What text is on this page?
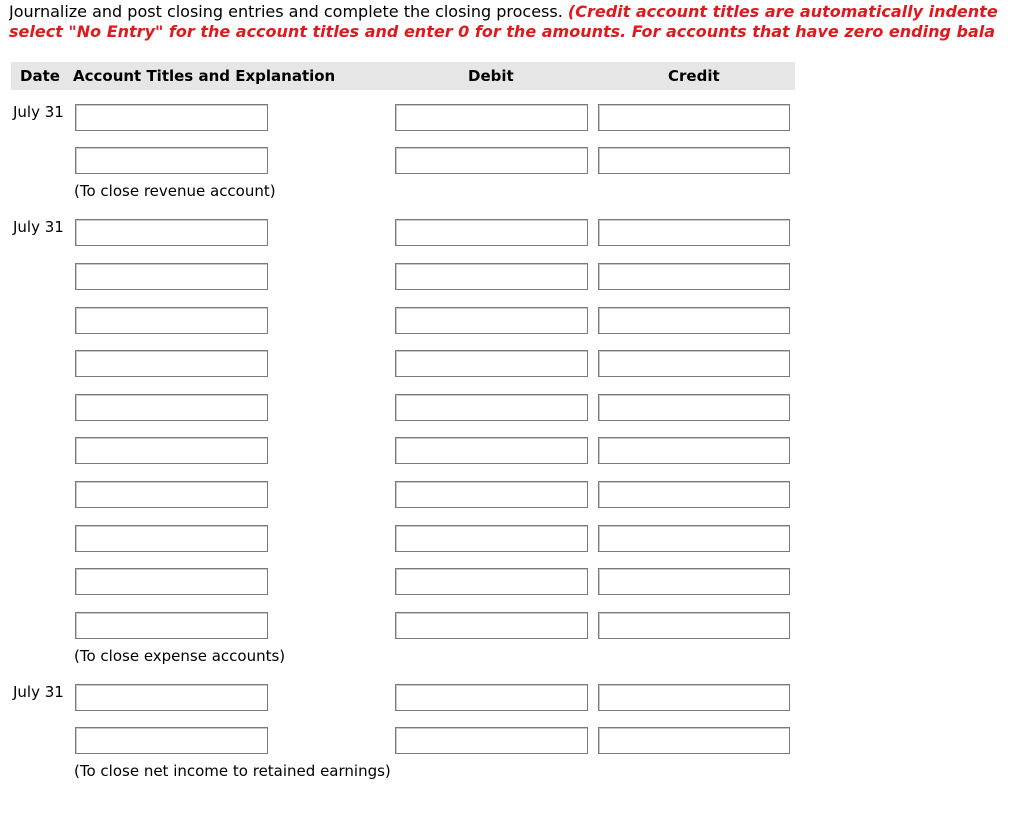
Journalize and post closing entries and complete the closing process. (Credit account titles are automatically indente
select "No Entry" for the account titles and enter 0 for the amounts. For accounts that have zero ending bala
Date Account Titles and Explanation	Debit	Credit
July 31
(To close revenue account)
July 31
(To close expense accounts)
July 31
(To close net income to retained earnings)
